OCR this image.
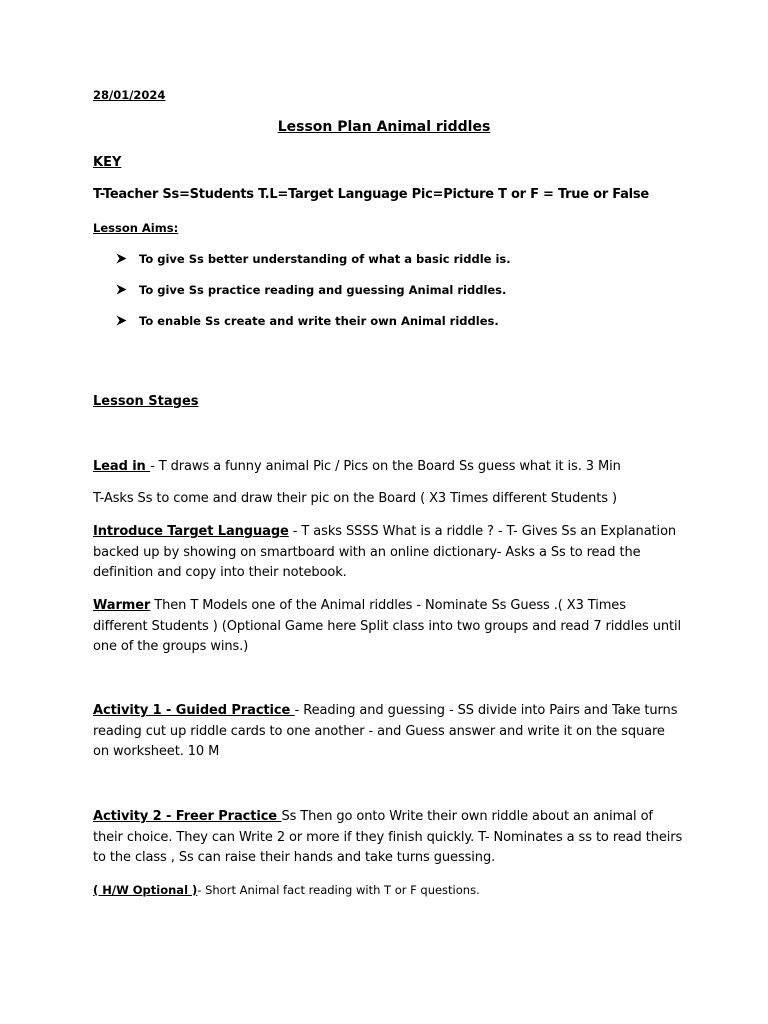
28/01/2024
Lesson Plan Animal riddles
KEY
T-Teacher Ss=Students T.L=Target Language Pic=Picture T or F = True or False
Lesson Aims:
To give Ss better understanding of what a basic riddle is.
To give Ss practice reading and guessing Animal riddles.
To enable Ss create and write their own Animal riddles.
Lesson Stages
Lead in - T draws a funny animal Pic / Pics on the Board Ss guess what it is. 3 Min
T-Asks Ss to come and draw their pic on the Board ( X3 Times different Students )
Introduce Target Language - T asks SSSS What is a riddle ? - T- Gives Ss an Explanation backed up by showing on smartboard with an online dictionary- Asks a Ss to read the definition and copy into their notebook.
Warmer Then T Models one of the Animal riddles - Nominate Ss Guess .( X3 Times different Students ) (Optional Game here Split class into two groups and read 7 riddles until one of the groups wins.)
Activity 1 - Guided Practice - Reading and guessing - SS divide into Pairs and Take turns reading cut up riddle cards to one another - and Guess answer and write it on the square on worksheet. 10 M
Activity 2 - Freer Practice Ss Then go onto Write their own riddle about an animal of their choice. They can Write 2 or more if they finish quickly. T- Nominates a ss to read theirs to the class , Ss can raise their hands and take turns guessing.
( H/W Optional )- Short Animal fact reading with T or F questions.
